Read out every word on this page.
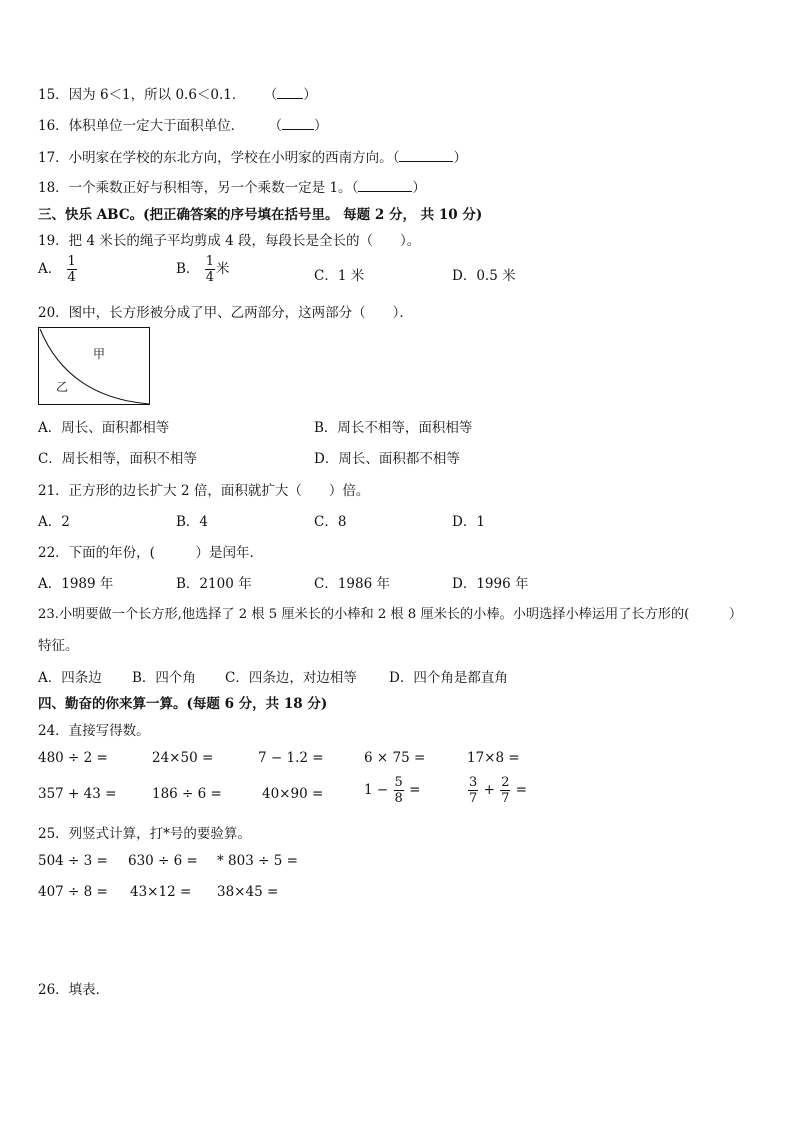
15．因为 6＜1，所以 0.6＜0.1． （ ）
16．体积单位一定大于面积单位． （ ）
17．小明家在学校的东北方向，学校在小明家的西南方向。（	）
18．一个乘数正好与积相等，另一个乘数一定是 1。（	）
三、快乐 ABC。(把正确答案的序号填在括号里。 每题 2 分， 共 10 分)
19．把 4 米长的绳子平均剪成 4 段，每段长是全长的（　　）。
A． $\frac{1}{4}$	B． $\frac{1}{4}$ 米	C．1 米	D．0.5 米
20．图中，长方形被分成了甲、乙两部分，这两部分（　　）．
甲
乙
A．周长、面积都相等	B．周长不相等，面积相等
C．周长相等，面积不相等	D．周长、面积都不相等
21．正方形的边长扩大 2 倍，面积就扩大（　　）倍。
A．2	B．4	C．8	D．1
22．下面的年份，(　　　）是闰年．
A．1989 年	B．2100 年	C．1986 年	D．1996 年
23.小明要做一个长方形,他选择了 2 根 5 厘米长的小棒和 2 根 8 厘米长的小棒。小明选择小棒运用了长方形的(　　　）
特征。
A．四条边 B．四个角 C．四条边，对边相等 D．四个角是都直角
四、勤奋的你来算一算。(每题 6 分，共 18 分)
24．直接写得数。
480 ÷ 2 =	24×50 =	7 − 1.2 =	6 × 75 =	17×8 =
357 + 43 =	186 ÷ 6 =	40×90 =	$1 - \frac{5}{8}$ =	$\frac{3}{7} + \frac{2}{7}$ =
25．列竖式计算，打*号的要验算。
504 ÷ 3 = 630 ÷ 6 = * 803 ÷ 5 =
407 ÷ 8 = 43×12 = 38×45 =
26．填表．
